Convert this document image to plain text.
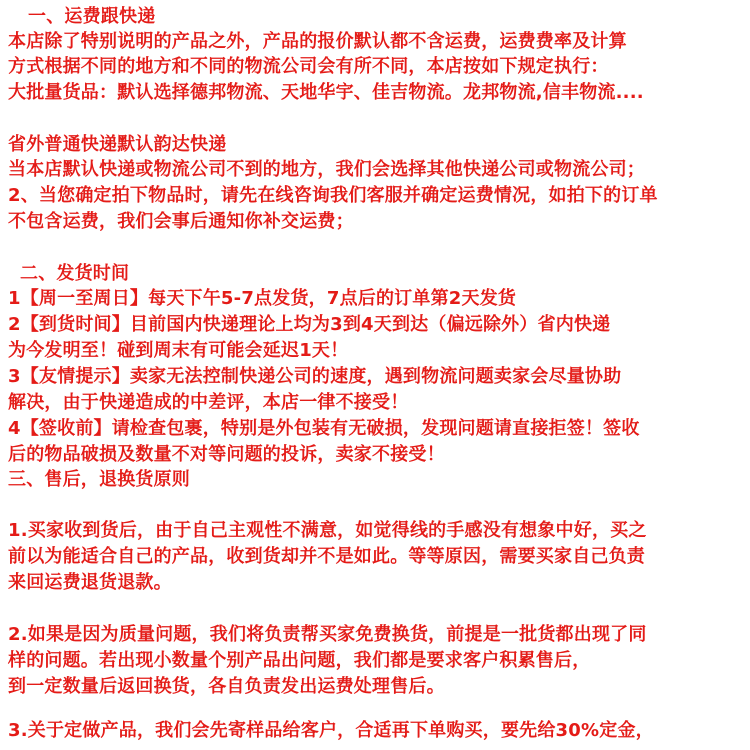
一、运费跟快递
本店除了特别说明的产品之外，产品的报价默认都不含运费，运费费率及计算
方式根据不同的地方和不同的物流公司会有所不同，本店按如下规定执行：
大批量货品：默认选择德邦物流、天地华宇、佳吉物流。龙邦物流,信丰物流....
省外普通快递默认韵达快递
当本店默认快递或物流公司不到的地方，我们会选择其他快递公司或物流公司；
2、当您确定拍下物品时，请先在线咨询我们客服并确定运费情况，如拍下的订单
不包含运费，我们会事后通知你补交运费；
二、发货时间
1【周一至周日】每天下午5-7点发货，7点后的订单第2天发货
2【到货时间】目前国内快递理论上均为3到4天到达（偏远除外）省内快递
为今发明至！碰到周末有可能会延迟1天！
3【友情提示】卖家无法控制快递公司的速度，遇到物流问题卖家会尽量协助
解决，由于快递造成的中差评，本店一律不接受！
4【签收前】请检查包裹，特别是外包装有无破损，发现问题请直接拒签！签收
后的物品破损及数量不对等问题的投诉，卖家不接受！
三、售后，退换货原则
1.买家收到货后，由于自己主观性不满意，如觉得线的手感没有想象中好，买之
前以为能适合自己的产品，收到货却并不是如此。等等原因，需要买家自己负责
来回运费退货退款。
2.如果是因为质量问题，我们将负责帮买家免费换货，前提是一批货都出现了同
样的问题。若出现小数量个别产品出问题，我们都是要求客户积累售后，
到一定数量后返回换货，各自负责发出运费处理售后。
3.关于定做产品，我们会先寄样品给客户，合适再下单购买，要先给30%定金，
